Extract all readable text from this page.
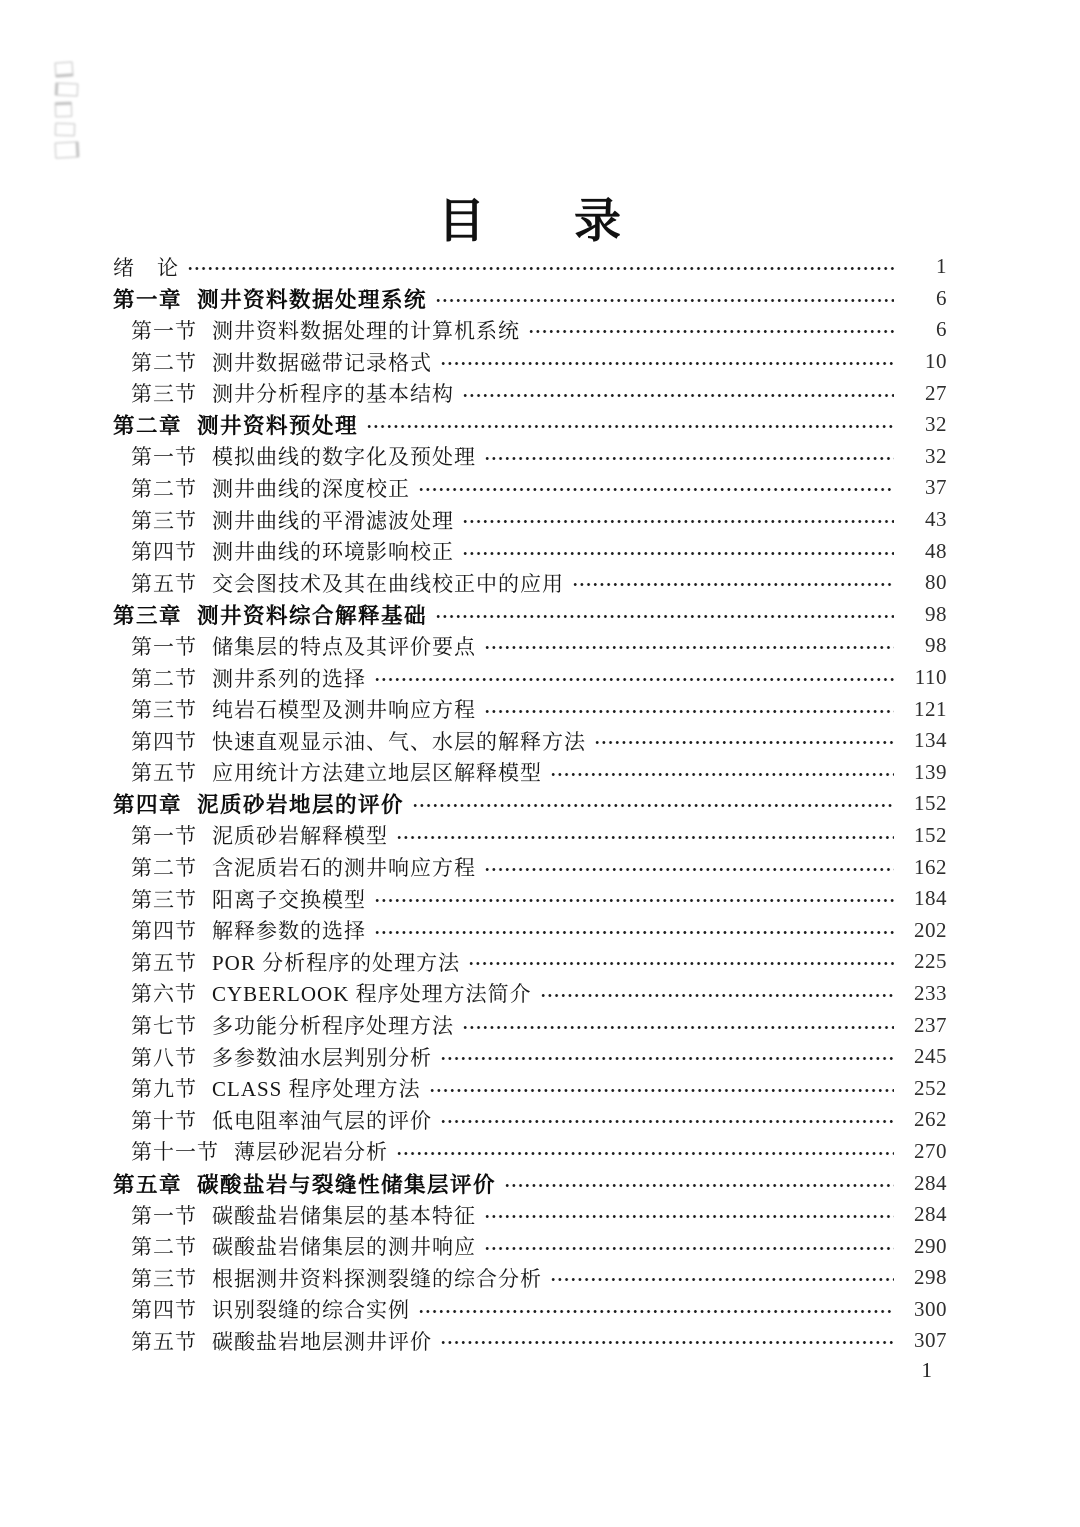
目 录
绪　论	1
第一章 测井资料数据处理系统	6
第一节 测井资料数据处理的计算机系统	6
第二节 测井数据磁带记录格式	10
第三节 测井分析程序的基本结构	27
第二章 测井资料预处理	32
第一节 模拟曲线的数字化及预处理	32
第二节 测井曲线的深度校正	37
第三节 测井曲线的平滑滤波处理	43
第四节 测井曲线的环境影响校正	48
第五节 交会图技术及其在曲线校正中的应用	80
第三章 测井资料综合解释基础	98
第一节 储集层的特点及其评价要点	98
第二节 测井系列的选择	110
第三节 纯岩石模型及测井响应方程	121
第四节 快速直观显示油、气、水层的解释方法	134
第五节 应用统计方法建立地层区解释模型	139
第四章 泥质砂岩地层的评价	152
第一节 泥质砂岩解释模型	152
第二节 含泥质岩石的测井响应方程	162
第三节 阳离子交换模型	184
第四节 解释参数的选择	202
第五节 POR 分析程序的处理方法	225
第六节 CYBERLOOK 程序处理方法简介	233
第七节 多功能分析程序处理方法	237
第八节 多参数油水层判别分析	245
第九节 CLASS 程序处理方法	252
第十节 低电阻率油气层的评价	262
第十一节 薄层砂泥岩分析	270
第五章 碳酸盐岩与裂缝性储集层评价	284
第一节 碳酸盐岩储集层的基本特征	284
第二节 碳酸盐岩储集层的测井响应	290
第三节 根据测井资料探测裂缝的综合分析	298
第四节 识别裂缝的综合实例	300
第五节 碳酸盐岩地层测井评价	307
1
